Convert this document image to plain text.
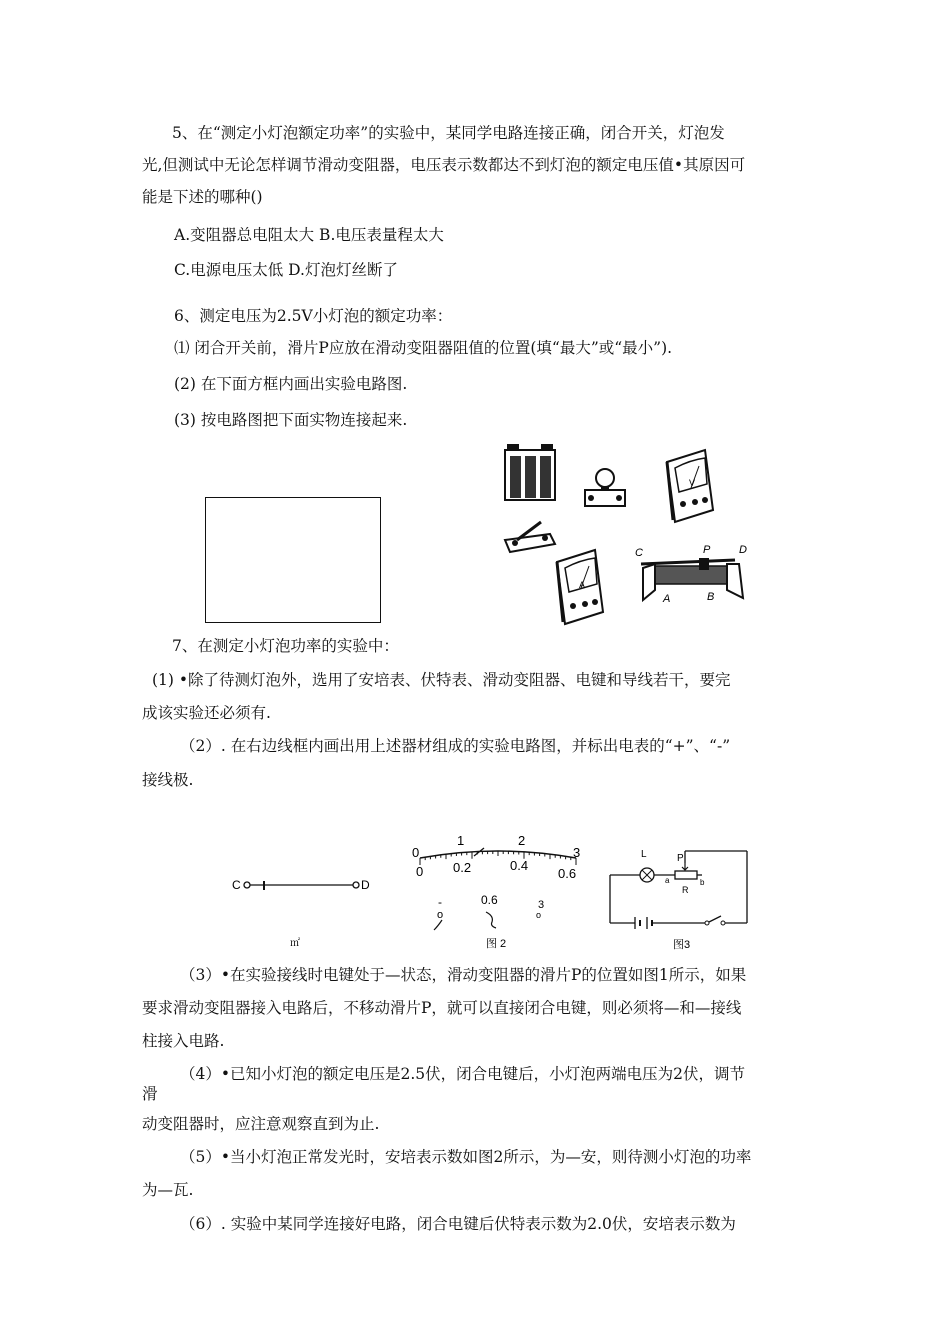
5、在“测定小灯泡额定功率”的实验中，某同学电路连接正确，闭合开关，灯泡发
光,但测试中无论怎样调节滑动变阻器，电压表示数都达不到灯泡的额定电压值•其原因可
能是下述的哪种()
A.变阻器总电阻太大 B.电压表量程太大
C.电源电压太低 D.灯泡灯丝断了
6、测定电压为2.5V小灯泡的额定功率：
⑴ 闭合开关前，滑片P应放在滑动变阻器阻值的位置(填“最大”或“最小”).
(2) 在下面方框内画出实验电路图.
(3) 按电路图把下面实物连接起来.
V
A
C	P	D
A	B
7、在测定小灯泡功率的实验中：
(1) •除了待测灯泡外，选用了安培表、伏特表、滑动变阻器、电键和导线若干，要完
成该实验还必须有.
（2）. 在右边线框内画出用上述器材组成的实验电路图，并标出电表的“+”、“-”
接线极.
C	D
㎡
0
1	2
3
0 0.2	0.4
0.6
-
o
0.6	3
o
图 2
L	P
a	b
R
图3
（3）•在实验接线时电键处于—状态，滑动变阻器的滑片P的位置如图1所示，如果
要求滑动变阻器接入电路后，不移动滑片P，就可以直接闭合电键，则必须将—和—接线
柱接入电路.
（4）•已知小灯泡的额定电压是2.5伏，闭合电键后，小灯泡两端电压为2伏，调节
滑
动变阻器时，应注意观察直到为止.
（5）•当小灯泡正常发光时，安培表示数如图2所示，为—安，则待测小灯泡的功率
为—瓦.
（6）. 实验中某同学连接好电路，闭合电键后伏特表示数为2.0伏，安培表示数为
